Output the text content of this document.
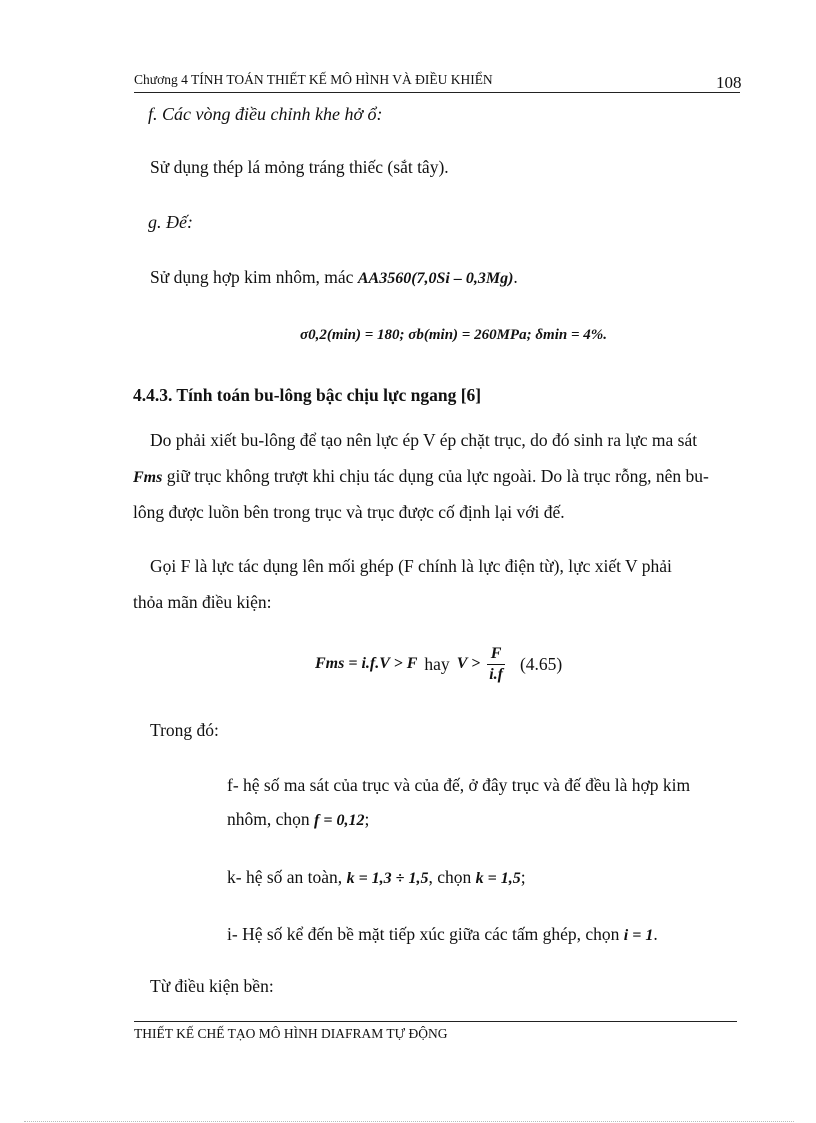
Chương 4 TÍNH TOÁN THIẾT KẾ MÔ HÌNH VÀ ĐIỀU KHIỂN	108
f. Các vòng điều chỉnh khe hở ổ:
Sử dụng thép lá mỏng tráng thiếc (sắt tây).
g. Đế:
Sử dụng hợp kim nhôm, mác AA3560(7,0Si – 0,3Mg).
σ0,2(min) = 180; σb(min) = 260MPa; δmin = 4%.
4.4.3. Tính toán bu-lông bậc chịu lực ngang [6]
Do phải xiết bu-lông để tạo nên lực ép V ép chặt trục, do đó sinh ra lực ma sát
Fms giữ trục không trượt khi chịu tác dụng của lực ngoài. Do là trục rỗng, nên bu-
lông được luồn bên trong trục và trục được cố định lại với đế.
Gọi F là lực tác dụng lên mối ghép (F chính là lực điện từ), lực xiết V phải
thỏa mãn điều kiện:
Fms = i.f.V > F hay $V > \frac{F}{i.f} (4.65)$
Trong đó:
f- hệ số ma sát của trục và của đế, ở đây trục và đế đều là hợp kim
nhôm, chọn f = 0,12;
k- hệ số an toàn, k = 1,3 ÷ 1,5, chọn k = 1,5;
i- Hệ số kể đến bề mặt tiếp xúc giữa các tấm ghép, chọn i = 1.
Từ điều kiện bền:
THIẾT KẾ CHẾ TẠO MÔ HÌNH DIAFRAM TỰ ĐỘNG
